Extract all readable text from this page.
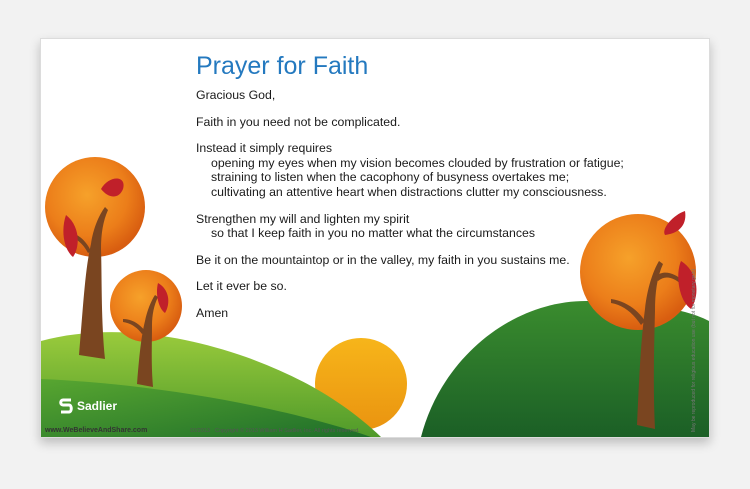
Prayer for Faith
Gracious God,
Faith in you need not be complicated.
Instead it simply requires
opening my eyes when my vision becomes clouded by frustration or fatigue;
straining to listen when the cacophony of busyness overtakes me;
cultivating an attentive heart when distractions clutter my consciousness.
Strengthen my will and lighten my spirit
so that I keep faith in you no matter what the circumstances
Be it on the mountaintop or in the valley, my faith in you sustains me.
Let it ever be so.
Amen
Sadlier	May be reproduced for religious education use (but not for monetary gain)
www.WeBelieveAndShare.com	10/2013 Copyright © 2013 William H Sadlier, Inc. All rights reserved.
